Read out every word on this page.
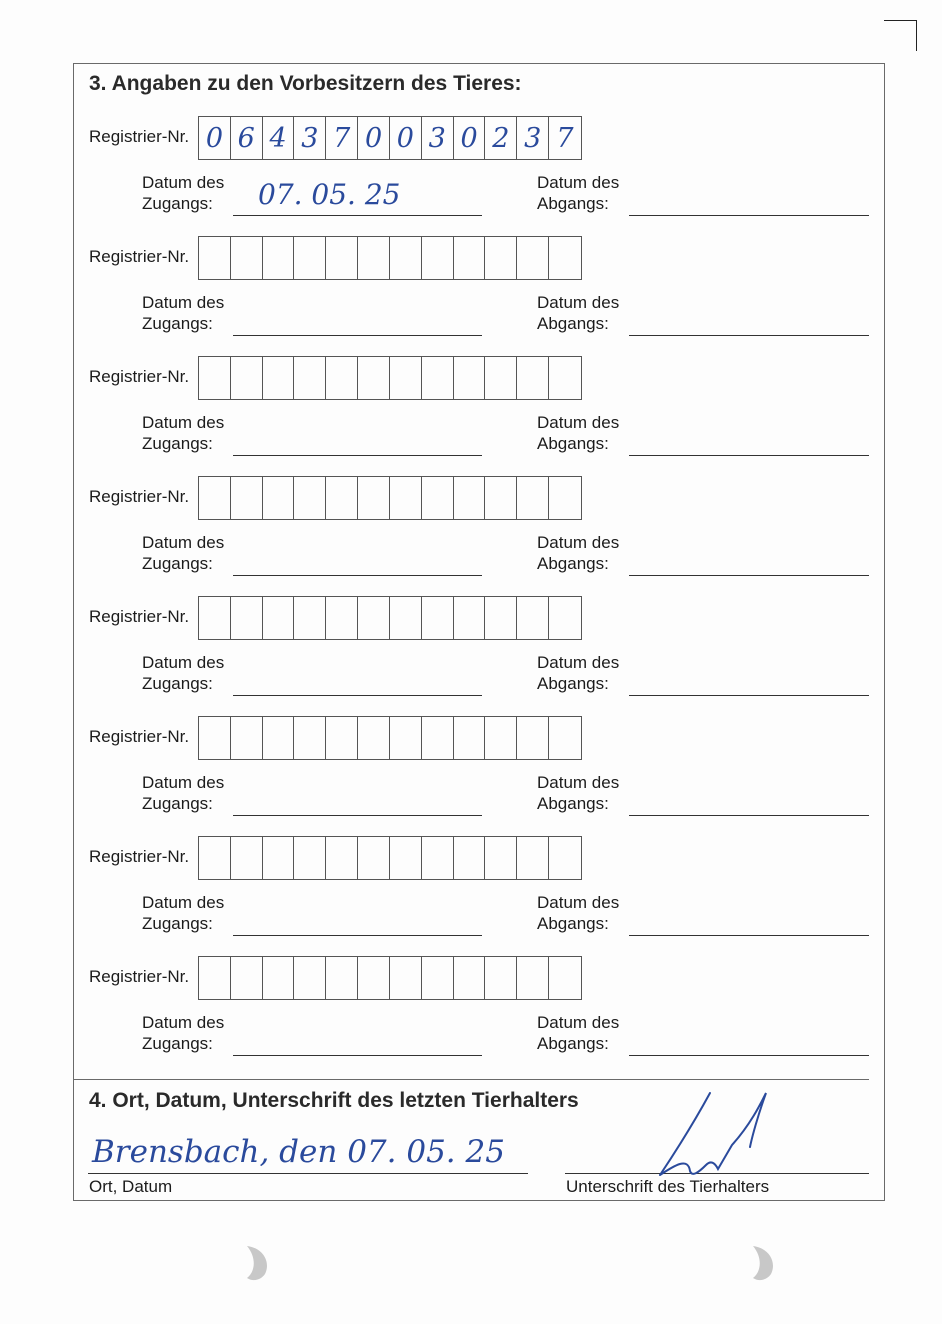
3. Angaben zu den Vorbesitzern des Tieres:
Registrier-Nr. 0 6 4 3 7 0 0 3 0 2 3 7
Datum des
Zugangs:	07. 05. 25	Datum des
Abgangs:
Registrier-Nr.
Datum des
Zugangs:
Datum des
Abgangs:
Registrier-Nr.
Datum des
Zugangs:
Datum des
Abgangs:
Registrier-Nr.
Datum des
Zugangs:
Datum des
Abgangs:
Registrier-Nr.
Datum des
Zugangs:
Datum des
Abgangs:
Registrier-Nr.
Datum des
Zugangs:
Datum des
Abgangs:
Registrier-Nr.
Datum des
Zugangs:
Datum des
Abgangs:
Registrier-Nr.
Datum des
Zugangs:
Datum des
Abgangs:
4. Ort, Datum, Unterschrift des letzten Tierhalters
Brensbach, den 07. 05. 25
Ort, Datum	Unterschrift des Tierhalters
